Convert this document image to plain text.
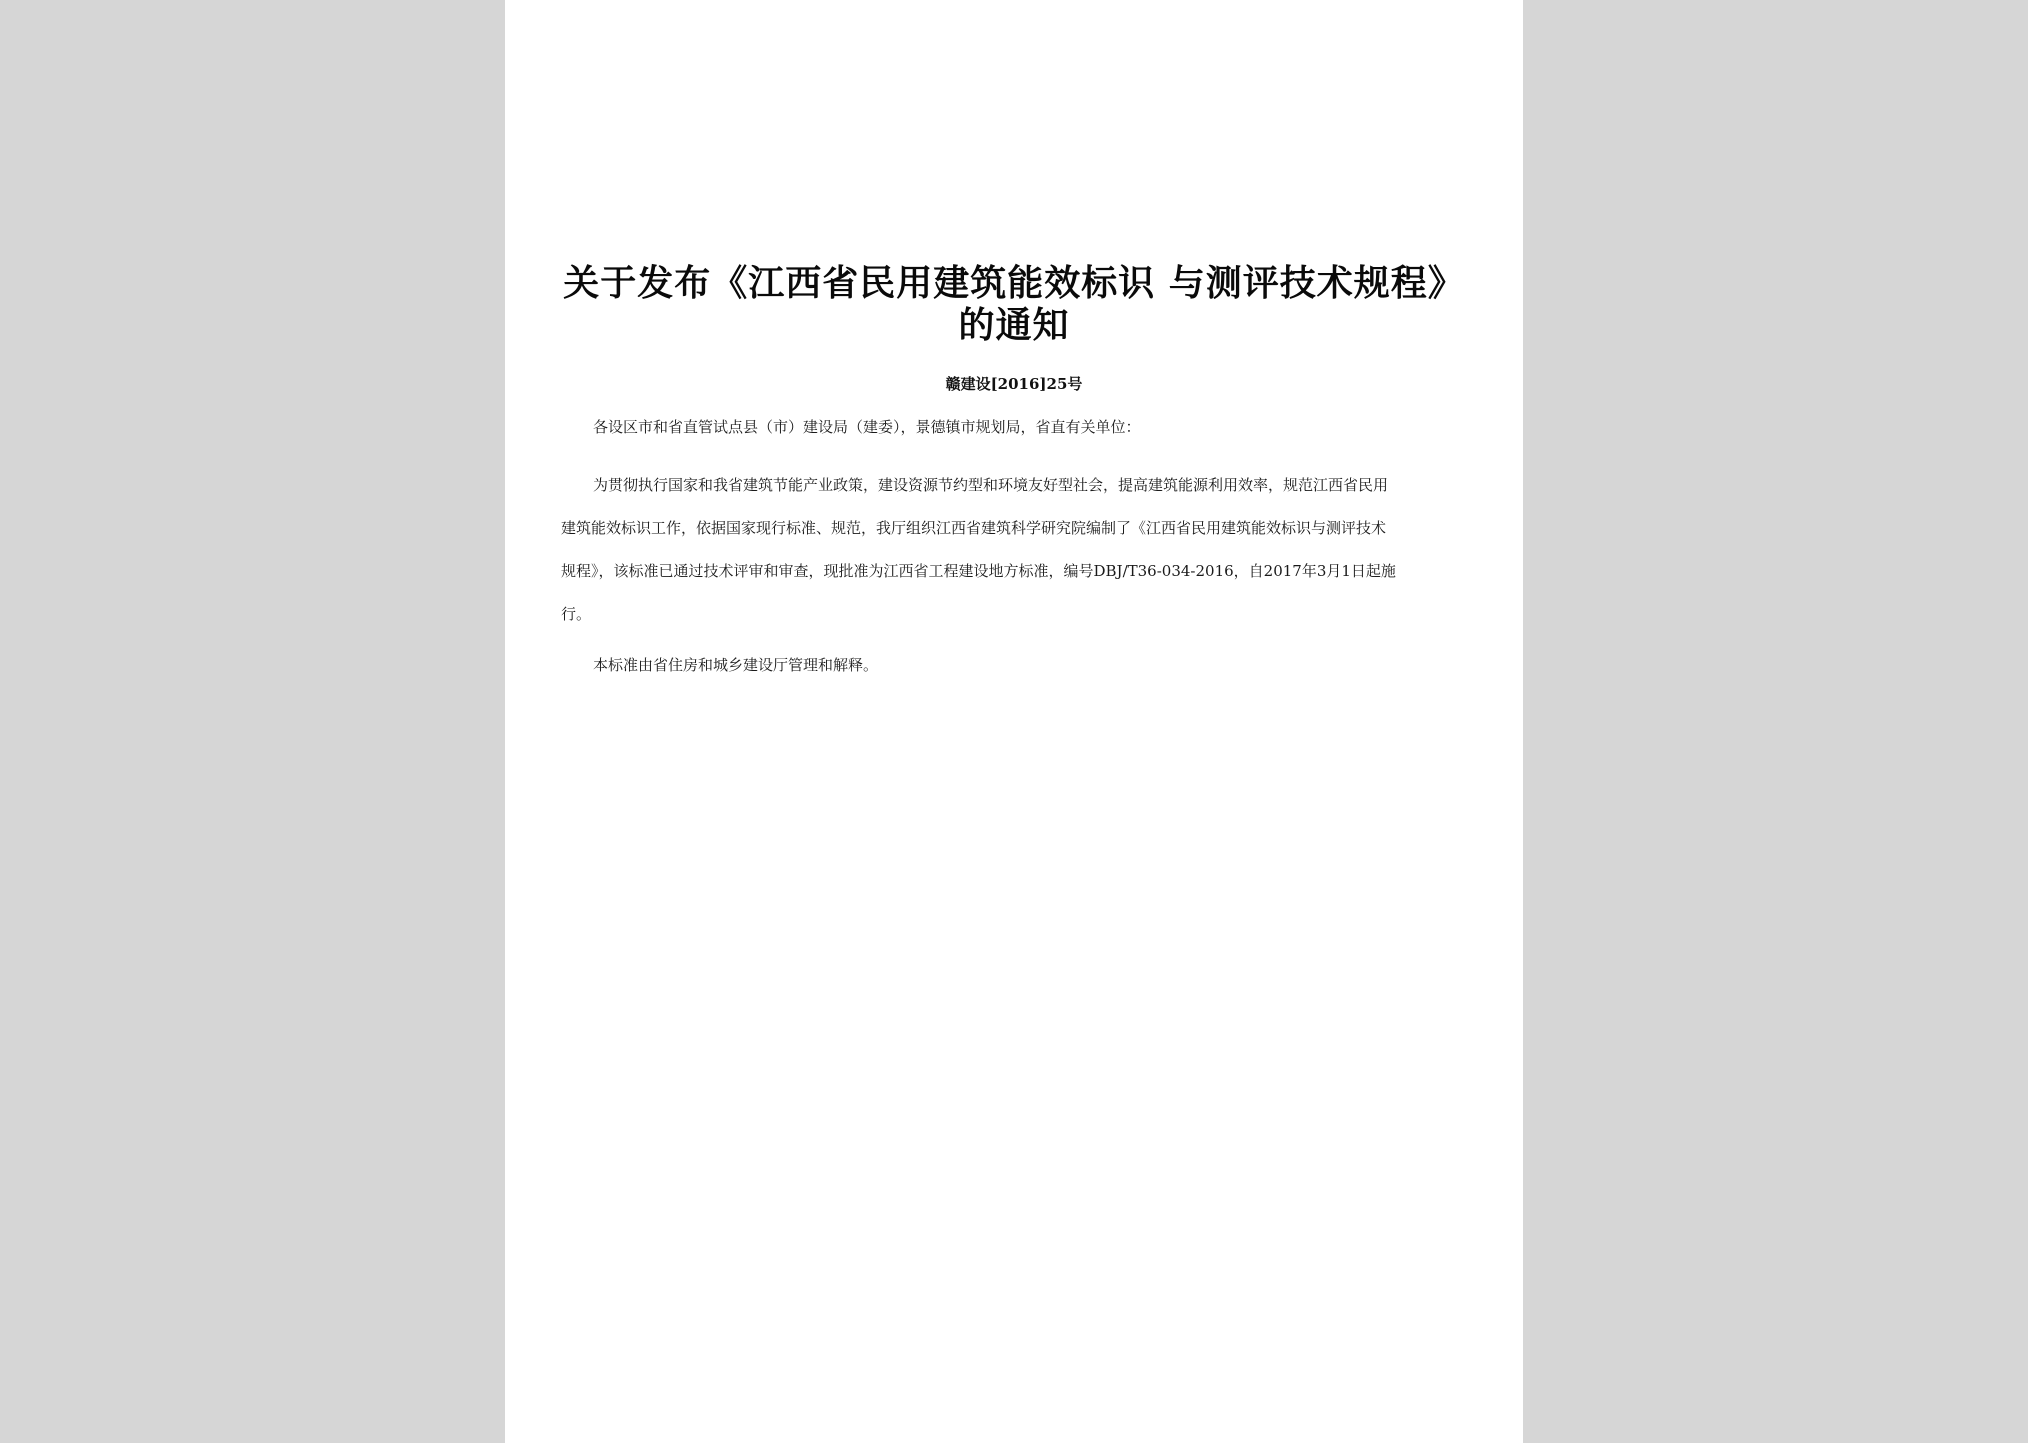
关于发布《江西省民用建筑能效标识 与测评技术规程》
的通知
赣建设[2016]25号
各设区市和省直管试点县（市）建设局（建委），景德镇市规划局，省直有关单位：
为贯彻执行国家和我省建筑节能产业政策，建设资源节约型和环境友好型社会，提高建筑能源利用效率，规范江西省民用
建筑能效标识工作，依据国家现行标准、规范，我厅组织江西省建筑科学研究院编制了《江西省民用建筑能效标识与测评技术
规程》，该标准已通过技术评审和审查，现批准为江西省工程建设地方标准，编号DBJ/T36-034-2016，自2017年3月1日起施
行。
本标准由省住房和城乡建设厅管理和解释。
